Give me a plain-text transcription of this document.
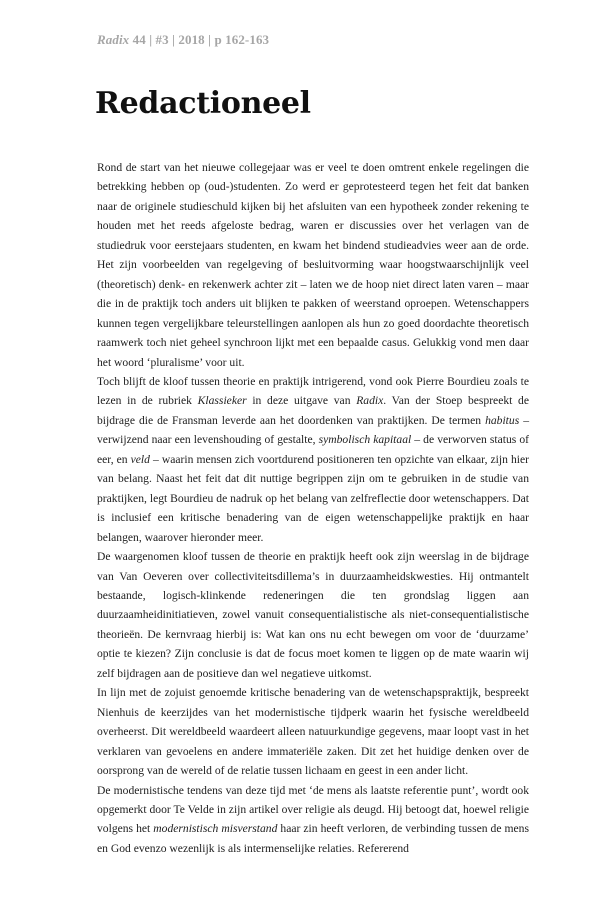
Radix 44 | #3 | 2018 | p 162-163
Redactioneel

Rond de start van het nieuwe collegejaar was er veel te doen omtrent enkele regelingen die betrekking hebben op (oud-)studenten. Zo werd er geprotesteerd tegen het feit dat banken naar de originele studieschuld kijken bij het afsluiten van een hypotheek zonder rekening te houden met het reeds afgeloste bedrag, waren er discussies over het verlagen van de studiedruk voor eerstejaars studenten, en kwam het bindend studieadvies weer aan de orde. Het zijn voorbeelden van regelgeving of besluitvorming waar hoogstwaarschijnlijk veel (theoretisch) denk- en rekenwerk achter zit – laten we de hoop niet direct laten varen – maar die in de praktijk toch anders uit blijken te pakken of weerstand oproepen. Wetenschappers kunnen tegen vergelijkbare teleurstellingen aanlopen als hun zo goed doordachte theoretisch raamwerk toch niet geheel synchroon lijkt met een bepaalde casus. Gelukkig vond men daar het woord ‘pluralisme’ voor uit.

Toch blijft de kloof tussen theorie en praktijk intrigerend, vond ook Pierre Bourdieu zoals te lezen in de rubriek Klassieker in deze uitgave van Radix. Van der Stoep bespreekt de bijdrage die de Fransman leverde aan het doordenken van praktijken. De termen habitus – verwijzend naar een levenshouding of gestalte, symbolisch kapitaal – de verworven status of eer, en veld – waarin mensen zich voortdurend positioneren ten opzichte van elkaar, zijn hier van belang. Naast het feit dat dit nuttige begrippen zijn om te gebruiken in de studie van praktijken, legt Bourdieu de nadruk op het belang van zelfreflectie door wetenschappers. Dat is inclusief een kritische benadering van de eigen wetenschappelijke praktijk en haar belangen, waarover hieronder meer.

De waargenomen kloof tussen de theorie en praktijk heeft ook zijn weerslag in de bijdrage van Van Oeveren over collectiviteitsdillema’s in duurzaamheidskwesties. Hij ontmantelt bestaande, logisch-klinkende redeneringen die ten grondslag liggen aan duurzaamheidinitiatieven, zowel vanuit consequentialistische als niet-consequentialistische theorieën. De kernvraag hierbij is: Wat kan ons nu echt bewegen om voor de ‘duurzame’ optie te kiezen? Zijn conclusie is dat de focus moet komen te liggen op de mate waarin wij zelf bijdragen aan de positieve dan wel negatieve uitkomst.

In lijn met de zojuist genoemde kritische benadering van de wetenschapspraktijk, bespreekt Nienhuis de keerzijdes van het modernistische tijdperk waarin het fysische wereldbeeld overheerst. Dit wereldbeeld waardeert alleen natuurkundige gegevens, maar loopt vast in het verklaren van gevoelens en andere immateriële zaken. Dit zet het huidige denken over de oorsprong van de wereld of de relatie tussen lichaam en geest in een ander licht.

De modernistische tendens van deze tijd met ‘de mens als laatste referentie punt’, wordt ook opgemerkt door Te Velde in zijn artikel over religie als deugd. Hij betoogt dat, hoewel religie volgens het modernistisch misverstand haar zin heeft verloren, de verbinding tussen de mens en God evenzo wezenlijk is als intermenselijke relaties. Refererend
